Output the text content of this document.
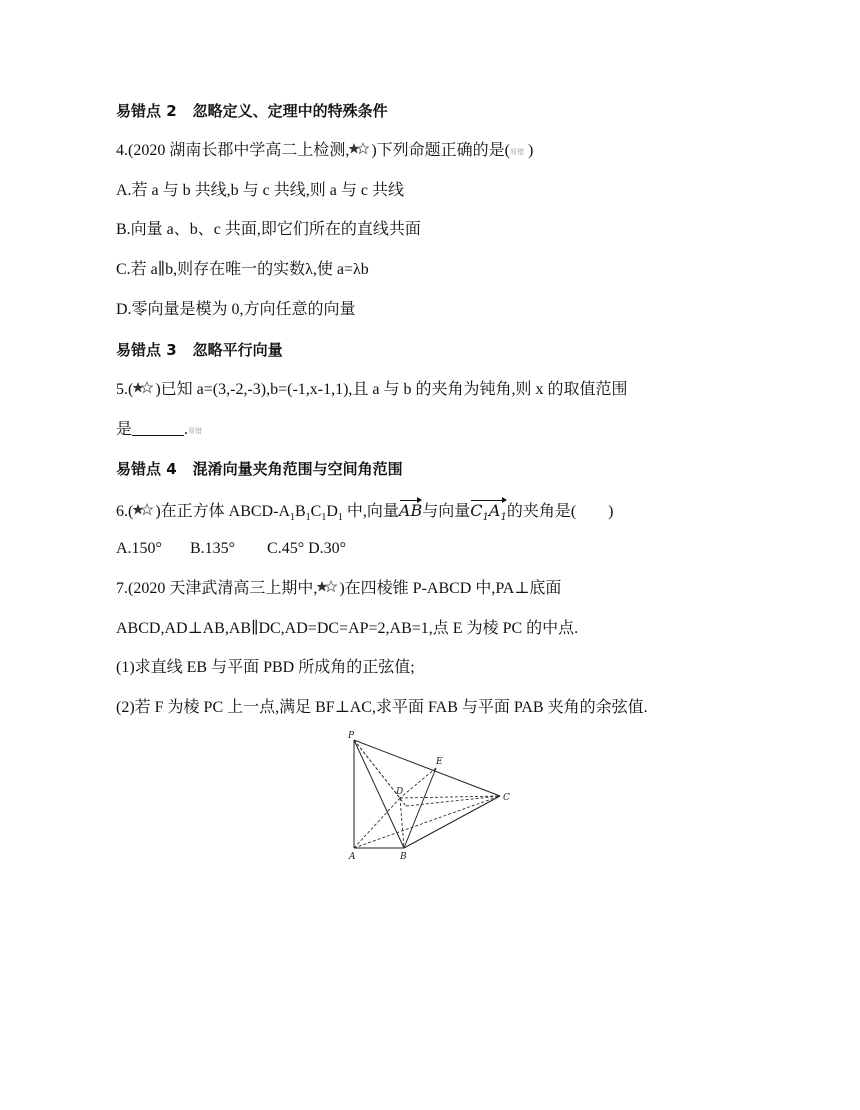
易错点 2 忽略定义、定理中的特殊条件
4.(2020 湖南长郡中学高二上检测, )下列命题正确的是(易错 )
A.若 a 与 b 共线,b 与 c 共线,则 a 与 c 共线
B.向量 a、b、c 共面,即它们所在的直线共面
C.若 a∥b,则存在唯一的实数λ,使 a=λb
D.零向量是模为 0,方向任意的向量
易错点 3 忽略平行向量
5.( )已知 a=(3,-2,-3),b=(-1,x-1,1),且 a 与 b 的夹角为钝角,则 x 的取值范围
是	.易错
易错点 4 混淆向量夹角范围与空间角范围
6.( )在正方体 ABCD-$A_1B_1C_1D_1$ 中,向量AB与向量$C_1A_1$的夹角是(　　)
A.150°       B.135°        C.45° D.30°
7.(2020 天津武清高三上期中, )在四棱锥 P-ABCD 中,PA⊥底面
ABCD,AD⊥AB,AB∥DC,AD=DC=AP=2,AB=1,点 E 为棱 PC 的中点.
(1)求直线 EB 与平面 PBD 所成角的正弦值;
(2)若 F 为棱 PC 上一点,满足 BF⊥AC,求平面 FAB 与平面 PAB 夹角的余弦值.
P
E
D
C
A	B
